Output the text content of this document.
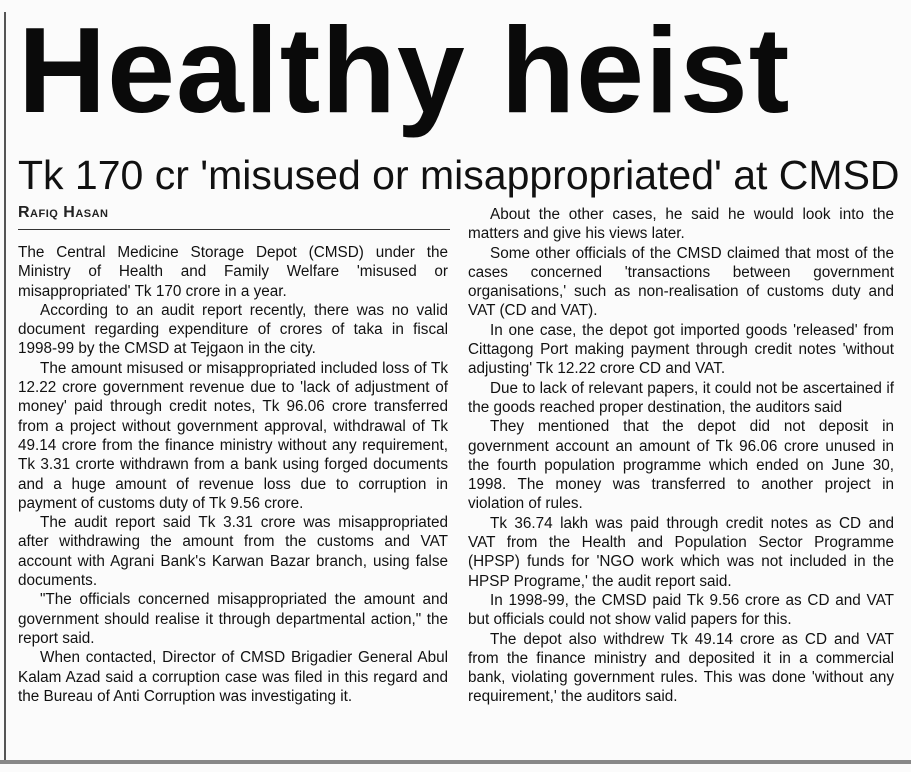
Healthy heist
Tk 170 cr 'misused or misappropriated' at CMSD
Rafiq Hasan

The Central Medicine Storage Depot (CMSD) under the Ministry of Health and Family Welfare 'misused or misappropriated' Tk 170 crore in a year.

According to an audit report recently, there was no valid document regarding expenditure of crores of taka in fiscal 1998-99 by the CMSD at Tejgaon in the city.

The amount misused or misappropriated included loss of Tk 12.22 crore government revenue due to 'lack of adjustment of money' paid through credit notes, Tk 96.06 crore transferred from a project without government approval, withdrawal of Tk 49.14 crore from the finance ministry without any requirement, Tk 3.31 crorte withdrawn from a bank using forged documents and a huge amount of revenue loss due to corruption in payment of customs duty of Tk 9.56 crore.

The audit report said Tk 3.31 crore was misappropriated after withdrawing the amount from the customs and VAT account with Agrani Bank's Karwan Bazar branch, using false documents.

"The officials concerned misappropriated the amount and government should realise it through departmental action," the report said.

When contacted, Director of CMSD Brigadier General Abul Kalam Azad said a corruption case was filed in this regard and the Bureau of Anti Corruption was investigating it.

About the other cases, he said he would look into the matters and give his views later.

Some other officials of the CMSD claimed that most of the cases concerned 'transactions between government organisations,' such as non-realisation of customs duty and VAT (CD and VAT).

In one case, the depot got imported goods 'released' from Cittagong Port making payment through credit notes 'without adjusting' Tk 12.22 crore CD and VAT.

Due to lack of relevant papers, it could not be ascertained if the goods reached proper destination, the auditors said

They mentioned that the depot did not deposit in government account an amount of Tk 96.06 crore unused in the fourth population programme which ended on June 30, 1998. The money was transferred to another project in violation of rules.

Tk 36.74 lakh was paid through credit notes as CD and VAT from the Health and Population Sector Programme (HPSP) funds for 'NGO work which was not included in the HPSP Programe,' the audit report said.

In 1998-99, the CMSD paid Tk 9.56 crore as CD and VAT but officials could not show valid papers for this.

The depot also withdrew Tk 49.14 crore as CD and VAT from the finance ministry and deposited it in a commercial bank, violating government rules. This was done 'without any requirement,' the auditors said.
